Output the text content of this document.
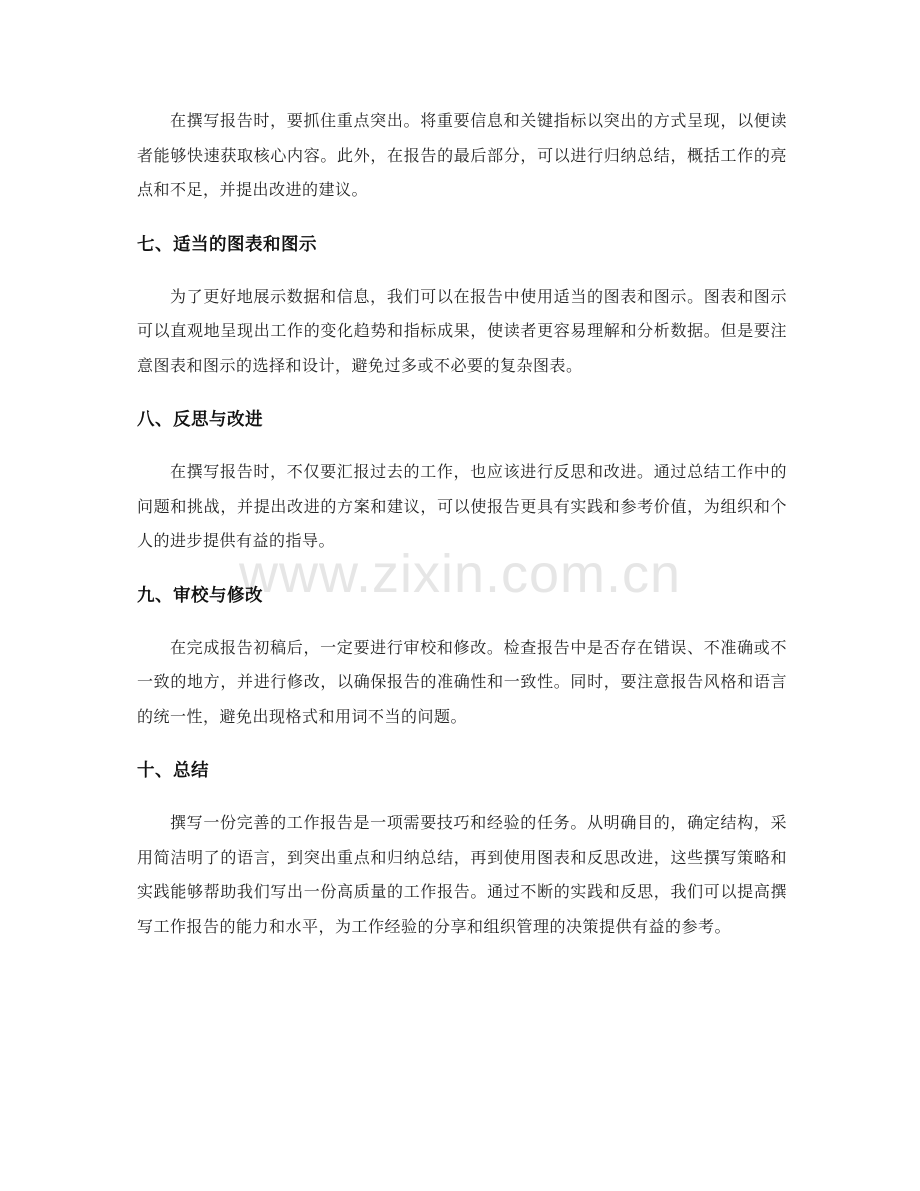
www.zixin.com.cn

在撰写报告时，要抓住重点突出。将重要信息和关键指标以突出的方式呈现，以便读者能够快速获取核心内容。此外，在报告的最后部分，可以进行归纳总结，概括工作的亮点和不足，并提出改进的建议。

七、适当的图表和图示

为了更好地展示数据和信息，我们可以在报告中使用适当的图表和图示。图表和图示可以直观地呈现出工作的变化趋势和指标成果，使读者更容易理解和分析数据。但是要注意图表和图示的选择和设计，避免过多或不必要的复杂图表。

八、反思与改进

在撰写报告时，不仅要汇报过去的工作，也应该进行反思和改进。通过总结工作中的问题和挑战，并提出改进的方案和建议，可以使报告更具有实践和参考价值，为组织和个人的进步提供有益的指导。

九、审校与修改

在完成报告初稿后，一定要进行审校和修改。检查报告中是否存在错误、不准确或不一致的地方，并进行修改，以确保报告的准确性和一致性。同时，要注意报告风格和语言的统一性，避免出现格式和用词不当的问题。

十、总结

撰写一份完善的工作报告是一项需要技巧和经验的任务。从明确目的，确定结构，采用简洁明了的语言，到突出重点和归纳总结，再到使用图表和反思改进，这些撰写策略和实践能够帮助我们写出一份高质量的工作报告。通过不断的实践和反思，我们可以提高撰写工作报告的能力和水平，为工作经验的分享和组织管理的决策提供有益的参考。
